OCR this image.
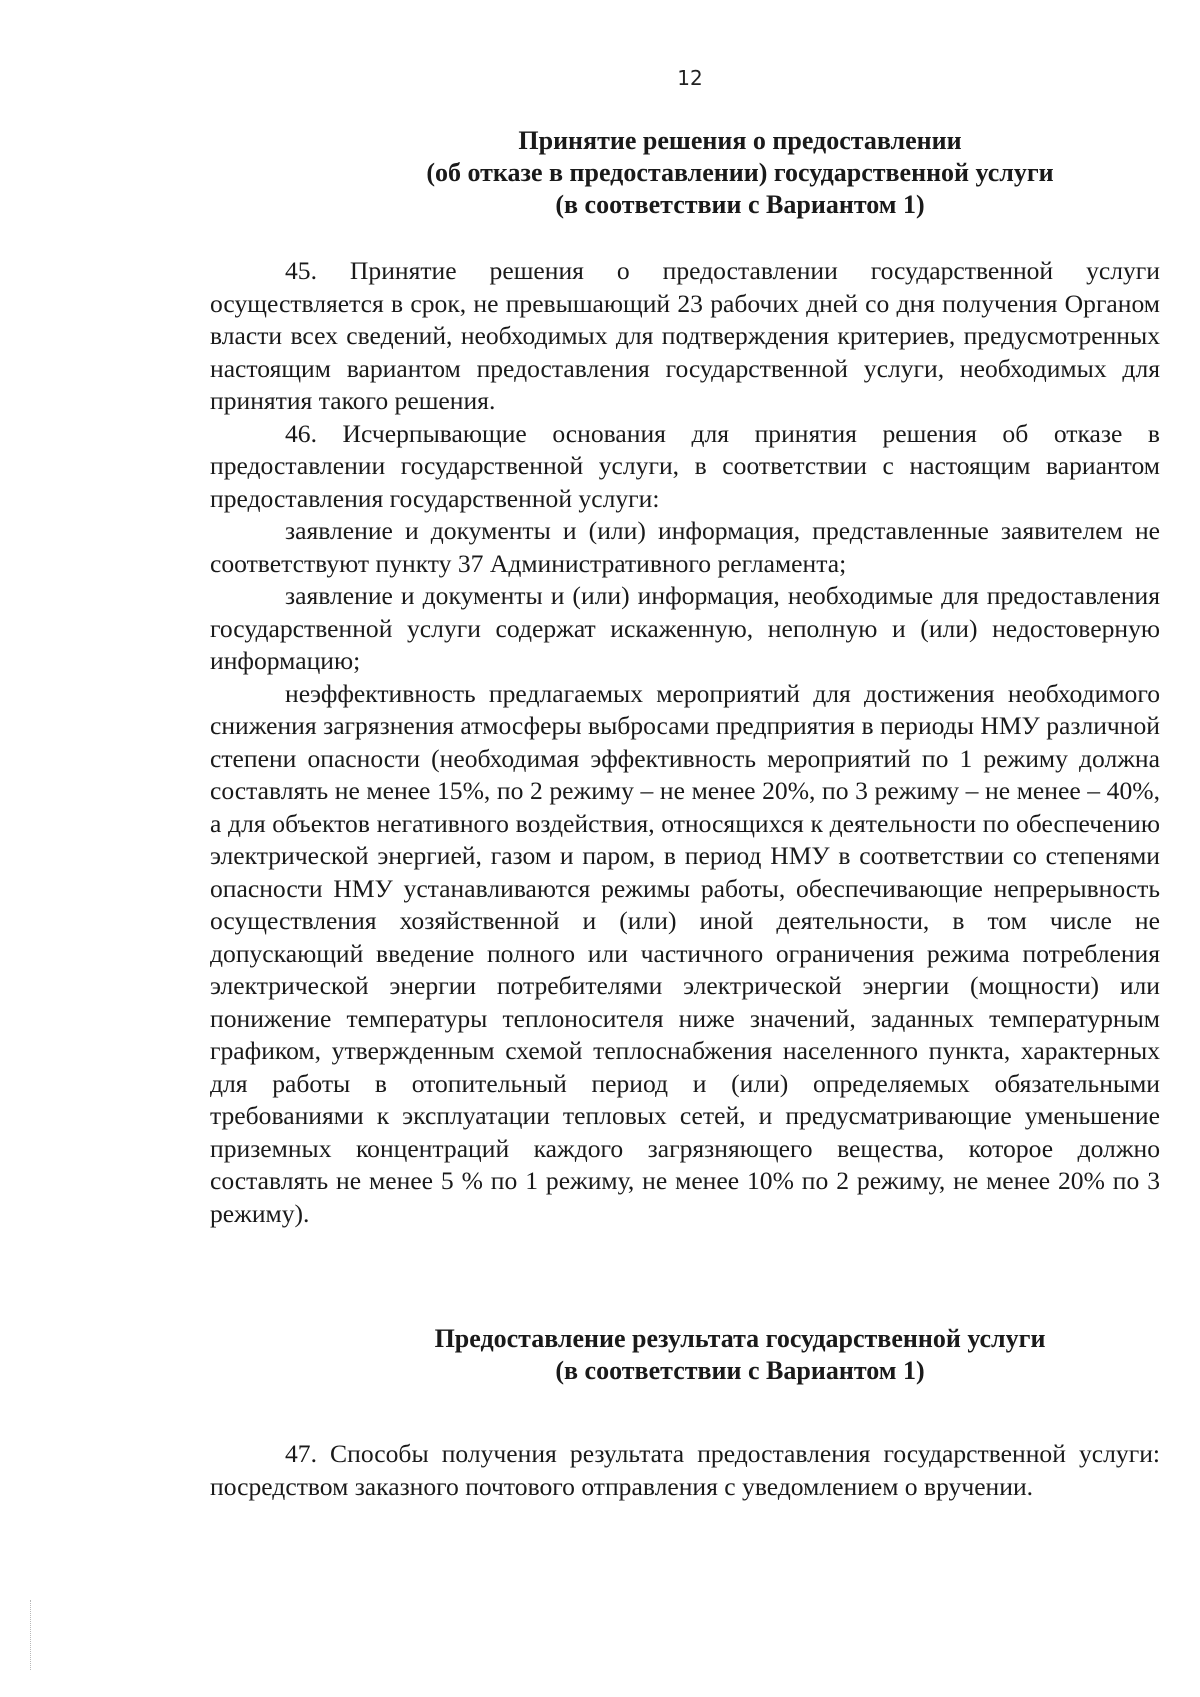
12
Принятие решения о предоставлении
(об отказе в предоставлении) государственной услуги
(в соответствии с Вариантом 1)

45. Принятие решения о предоставлении государственной услуги осуществляется в срок, не превышающий 23 рабочих дней со дня получения Органом власти всех сведений, необходимых для подтверждения критериев, предусмотренных настоящим вариантом предоставления государственной услуги, необходимых для принятия такого решения.

46. Исчерпывающие основания для принятия решения об отказе в предоставлении государственной услуги, в соответствии с настоящим вариантом предоставления государственной услуги:

заявление и документы и (или) информация, представленные заявителем не соответствуют пункту 37 Административного регламента;

заявление и документы и (или) информация, необходимые для предоставления государственной услуги содержат искаженную, неполную и (или) недостоверную информацию;

неэффективность предлагаемых мероприятий для достижения необходимого снижения загрязнения атмосферы выбросами предприятия в периоды НМУ различной степени опасности (необходимая эффективность мероприятий по 1 режиму должна составлять не менее 15%, по 2 режиму – не менее 20%, по 3 режиму – не менее – 40%, а для объектов негативного воздействия, относящихся к деятельности по обеспечению электрической энергией, газом и паром, в период НМУ в соответствии со степенями опасности НМУ устанавливаются режимы работы, обеспечивающие непрерывность осуществления хозяйственной и (или) иной деятельности, в том числе не допускающий введение полного или частичного ограничения режима потребления электрической энергии потребителями электрической энергии (мощности) или понижение температуры теплоносителя ниже значений, заданных температурным графиком, утвержденным схемой теплоснабжения населенного пункта, характерных для работы в отопительный период и (или) определяемых обязательными требованиями к эксплуатации тепловых сетей, и предусматривающие уменьшение приземных концентраций каждого загрязняющего вещества, которое должно составлять не менее 5 % по 1 режиму, не менее 10% по 2 режиму, не менее 20% по 3 режиму).

Предоставление результата государственной услуги
(в соответствии с Вариантом 1)

47. Способы получения результата предоставления государственной услуги: посредством заказного почтового отправления с уведомлением о вручении.
